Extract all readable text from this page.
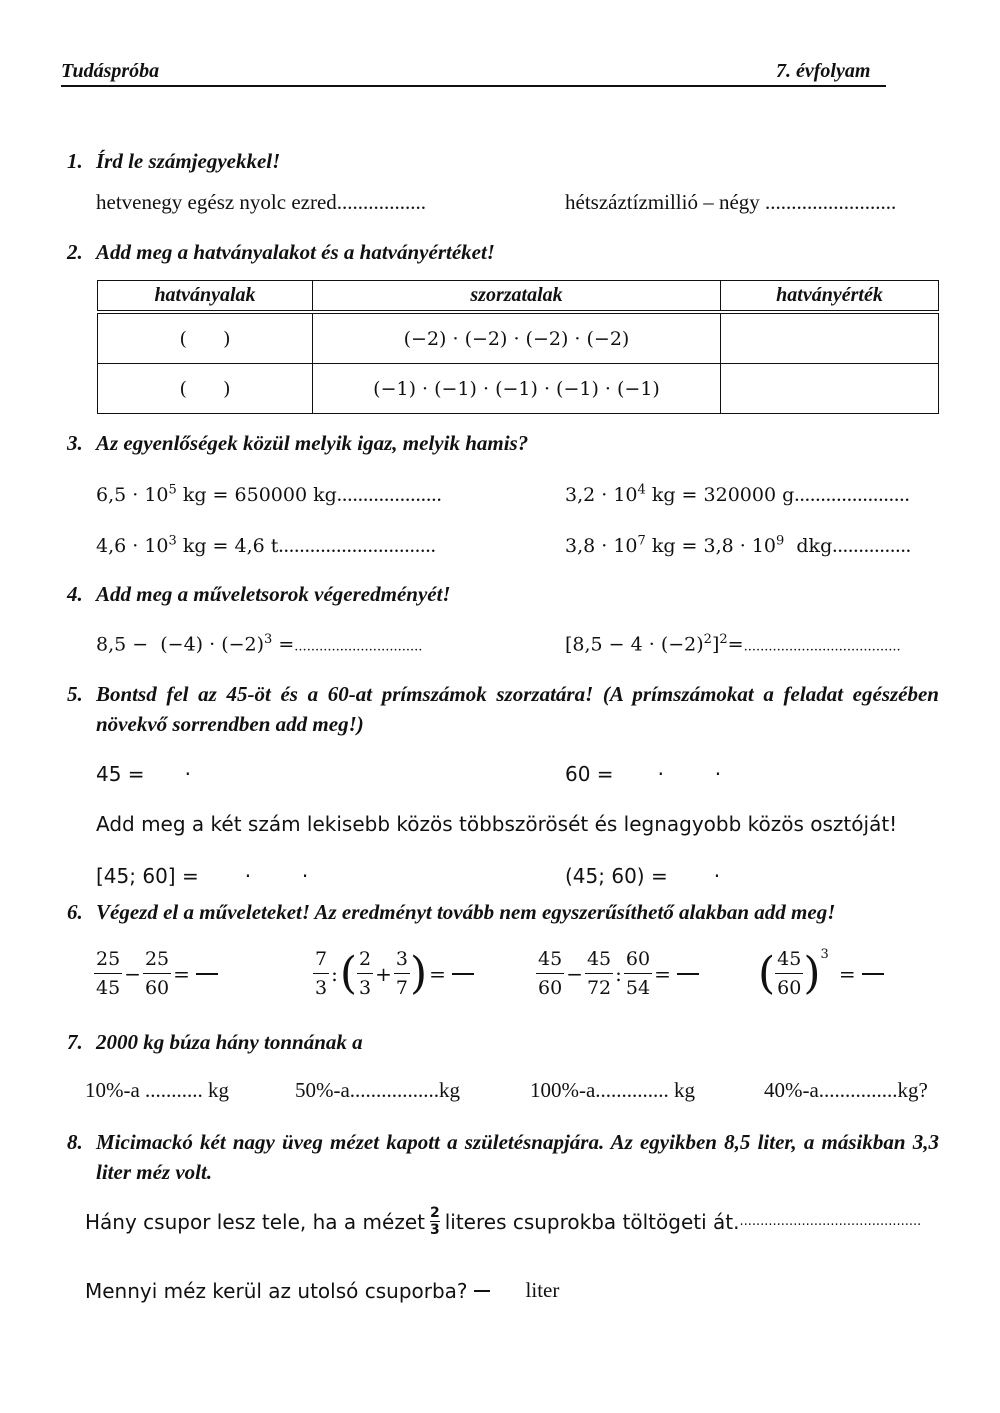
Tudáspróba	7. évfolyam
1. Írd le számjegyekkel!
hetvenegy egész nyolc ezred.................	hétszáztízmillió – négy .........................
2. Add meg a hatványalakot és a hatványértéket!
hatványalak	szorzatalak	hatványérték
(      )	(−2) · (−2) · (−2) · (−2)	
(      )	(−1) · (−1) · (−1) · (−1) · (−1)	
3. Az egyenlőségek közül melyik igaz, melyik hamis?
$6,5 \cdot 10^5$ kg = 650000 kg....................	$3,2 \cdot 10^4$ kg = 320000 g......................
$4,6 \cdot 10^3$ kg = 4,6 t..............................	$3,8 \cdot 10^7$ kg = $3,8 \cdot 10^9$  dkg...............
4. Add meg a műveletsorok végeredményét!
$8,5 - (-4) \cdot (-2)^3$ =...............................	$[8,5 - 4 \cdot (-2)^2]^2=$......................................
5. Bontsd fel az 45-öt és a 60-at prímszámok szorzatára! (A prímszámokat a feladat egészében növekvő sorrendben add meg!)
45 = ·	60 = ·        ·
Add meg a két szám lekisebb közös többszörösét és legnagyobb közös osztóját!
[45; 60] = ·        ·	(45; 60) = ·
6. Végezd el a műveleteket! Az eredményt tovább nem egyszerűsíthető alakban add meg!
$\frac{25}{45} - \frac{25}{60}$ =	$\frac{7}{3}$ : ( $\frac{2}{3} + \frac{3}{7}$ ) =	$\frac{45}{60} - \frac{45}{72}$ : $\frac{60}{54}$ = ( $\frac{45}{60}$ ) 3
=
7. 2000 kg búza hány tonnának a
10%-a ........... kg	50%-a.................kg	100%-a.............. kg	40%-a...............kg?
8. Micimackó két nagy üveg mézet kapott a születésnapjára. Az egyikben 8,5 liter, a másikban 3,3 liter méz volt.
Hány csupor lesz tele, ha a mézet 2
3 literes csuprokba töltögeti át. ............................................
Mennyi méz kerül az utolsó csuporba?	liter
